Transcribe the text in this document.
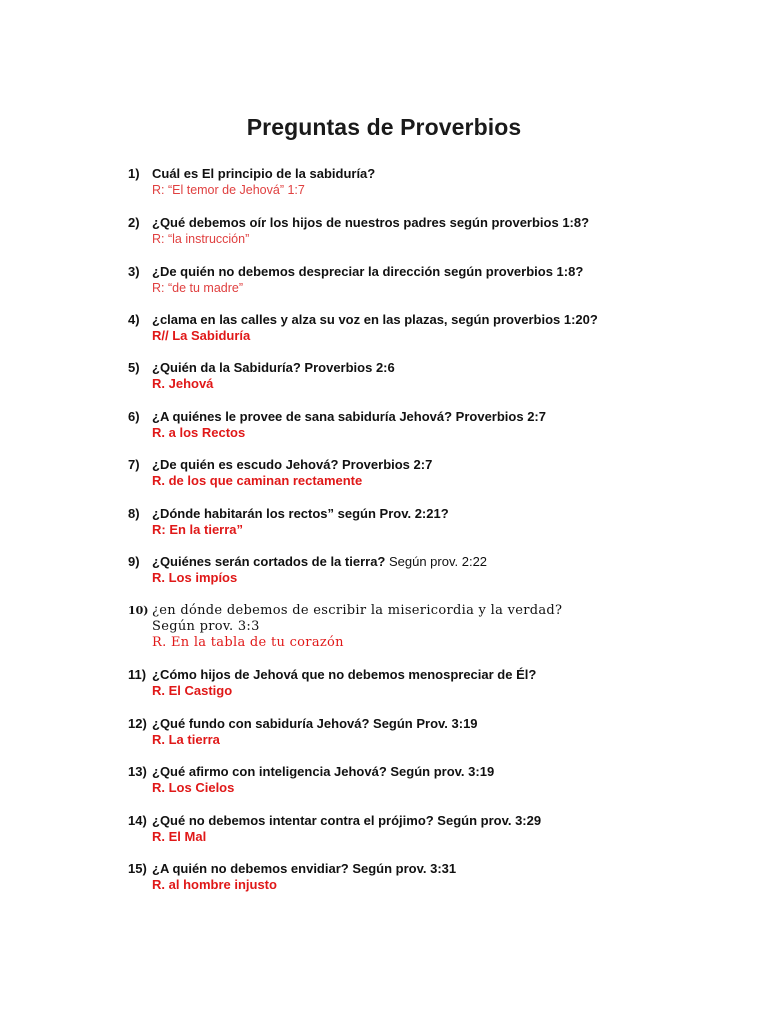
Preguntas de Proverbios
1) Cuál es El principio de la sabiduría?
R: “El temor de Jehová” 1:7
2) ¿Qué debemos oír los hijos de nuestros padres según proverbios 1:8?
R: “la instrucción”
3) ¿De quién no debemos despreciar la dirección según proverbios 1:8?
R: “de tu madre”
4) ¿clama en las calles y alza su voz en las plazas, según proverbios 1:20?
R// La Sabiduría
5) ¿Quién da la Sabiduría? Proverbios 2:6
R. Jehová
6) ¿A quiénes le provee de sana sabiduría Jehová? Proverbios 2:7
R. a los Rectos
7) ¿De quién es escudo Jehová? Proverbios 2:7
R. de los que caminan rectamente
8) ¿Dónde habitarán los rectos” según Prov. 2:21?
R: En la tierra”
9) ¿Quiénes serán cortados de la tierra? Según prov. 2:22
R. Los impíos
10) ¿en dónde debemos de escribir la misericordia y la verdad?
Según prov. 3:3
R. En la tabla de tu corazón
11) ¿Cómo hijos de Jehová que no debemos menospreciar de Él?
R. El Castigo
12) ¿Qué fundo con sabiduría Jehová? Según Prov. 3:19
R. La tierra
13) ¿Qué afirmo con inteligencia Jehová? Según prov. 3:19
R. Los Cielos
14) ¿Qué no debemos intentar contra el prójimo? Según prov. 3:29
R. El Mal
15) ¿A quién no debemos envidiar? Según prov. 3:31
R. al hombre injusto
